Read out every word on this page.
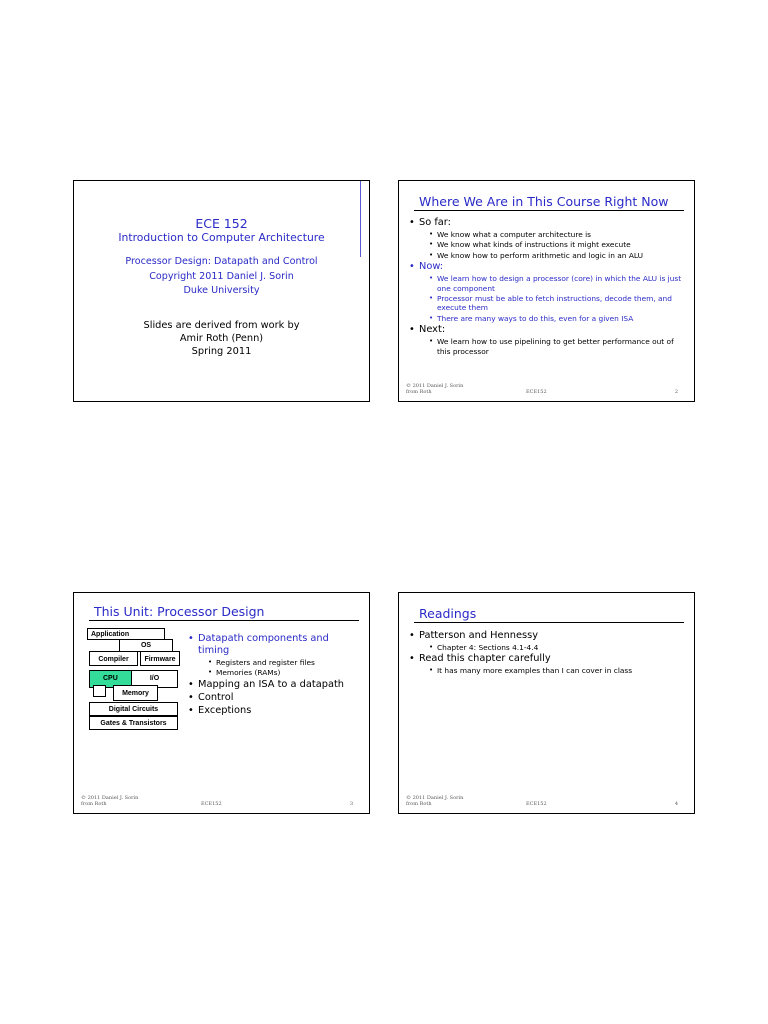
ECE 152
Introduction to Computer Architecture
Processor Design: Datapath and Control
Copyright 2011 Daniel J. Sorin
Duke University
Slides are derived from work by
Amir Roth (Penn)
Spring 2011
Where We Are in This Course Right Now
• So far:
• We know what a computer architecture is
• We know what kinds of instructions it might execute
• We know how to perform arithmetic and logic in an ALU
• Now:
• We learn how to design a processor (core) in which the ALU is just one component
• Processor must be able to fetch instructions, decode them, and execute them
• There are many ways to do this, even for a given ISA
• Next:
• We learn how to use pipelining to get better performance out of this processor
© 2011 Daniel J. Sorin
from Roth	ECE152	2
This Unit: Processor Design
Application
OS
Compiler	Firmware
CPU	I/O
Memory
Digital Circuits
Gates & Transistors
• Datapath components and timing
• Registers and register files
• Memories (RAMs)
• Mapping an ISA to a datapath
• Control
• Exceptions
© 2011 Daniel J. Sorin
from Roth	ECE152	3
Readings
• Patterson and Hennessy
• Chapter 4: Sections 4.1-4.4
• Read this chapter carefully
• It has many more examples than I can cover in class
© 2011 Daniel J. Sorin
from Roth	ECE152	4
